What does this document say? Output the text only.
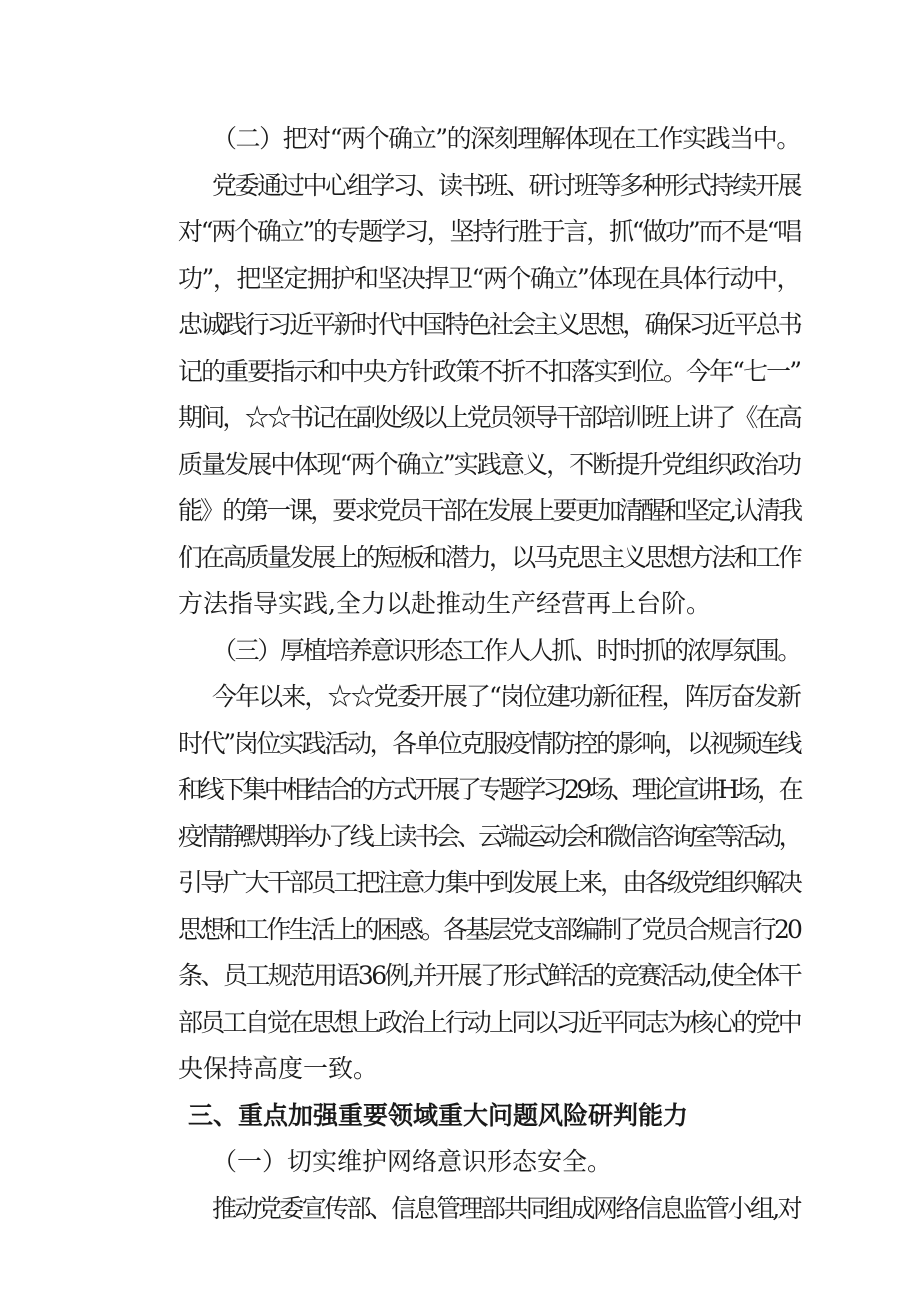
（二）把对“两个确立”的深刻理解体现在工作实践当中。
党委通过中心组学习、读书班、研讨班等多种形式持续开展
对“两个确立”的专题学习，坚持行胜于言，抓“做功”而不是“唱
功”，把坚定拥护和坚决捍卫“两个确立”体现在具体行动中，
忠诚践行习近平新时代中国特色社会主义思想，确保习近平总书
记的重要指示和中央方针政策不折不扣落实到位。今年“七一”
期间，☆☆书记在副处级以上党员领导干部培训班上讲了《在高
质量发展中体现“两个确立”实践意义，不断提升党组织政治功
能》的第一课，要求党员干部在发展上要更加清醒和坚定,认清我
们在高质量发展上的短板和潜力，以马克思主义思想方法和工作
方法指导实践,全力以赴推动生产经营再上台阶。
（三）厚植培养意识形态工作人人抓、时时抓的浓厚氛围。
今年以来，☆☆党委开展了“岗位建功新征程，阵厉奋发新
时代”岗位实践活动，各单位克服疫情防控的影响，以视频连线
和线下集中相结合的方式开展了专题学习29场、理论宣讲H场，在
疫情静默期举办了线上读书会、云端运动会和微信咨询室等活动，
引导广大干部员工把注意力集中到发展上来，由各级党组织解决
思想和工作生活上的困惑。各基层党支部编制了党员合规言行20
条、员工规范用语36例,并开展了形式鲜活的竞赛活动,使全体干
部员工自觉在思想上政治上行动上同以习近平同志为核心的党中
央保持高度一致。
三、重点加强重要领域重大问题风险研判能力
（一）切实维护网络意识形态安全。
推动党委宣传部、信息管理部共同组成网络信息监管小组,对
